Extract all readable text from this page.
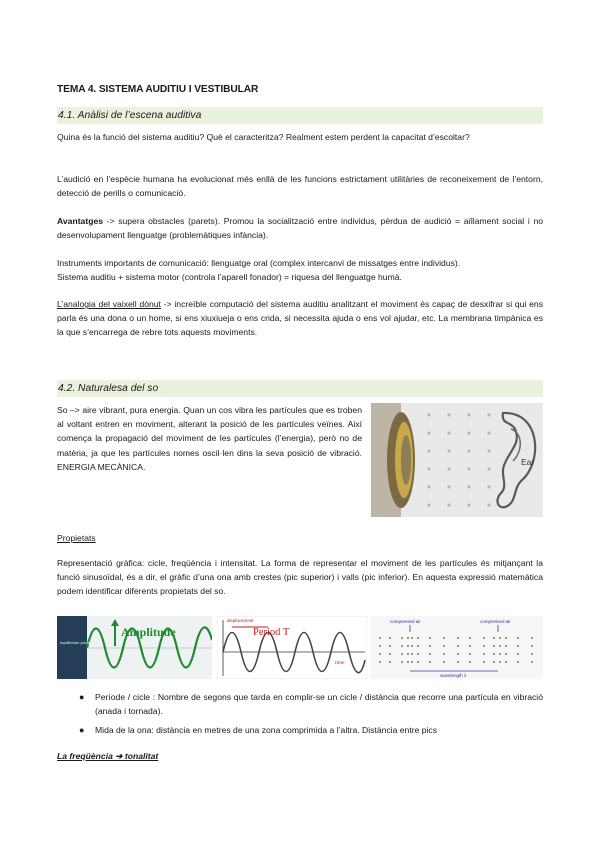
TEMA 4. SISTEMA AUDITIU I VESTIBULAR
4.1. Anàlisi de l’escena auditiva
Quina és la funció del sistema auditiu? Què el caracteritza? Realment estem perdent la capacitat d’escoltar?
L’audició en l’espècie humana ha evolucionat més enllà de les funcions estrictament utilitàries de reconeixement de l’entorn, detecció de perills o comunicació.
Avantatges -> supera obstacles (parets). Promou la socialització entre individus, pèrdua de audició = aïllament social i no desenvolupament llenguatge (problemàtiques infància).
Instruments importants de comunicació: llenguatge oral (complex intercanvi de missatges entre individus).
Sistema auditiu + sistema motor (controla l’aparell fonador) = riquesa del llenguatge humà.
L’analogia del vaixell dònut -> increïble computació del sistema auditiu analitzant el moviment és capaç de desxifrar si qui ens parla és una dona o un home, si ens xiuxiueja o ens crida, si necessita ajuda o ens vol ajudar, etc. La membrana timpànica es la que s’encarrega de rebre tots aquests moviments.
4.2. Naturalesa del so
So –> aire vibrant, pura energia. Quan un cos vibra les partícules que es troben al voltant entren en moviment, alterant la posició de les partícules veïnes. Així comença la propagació del moviment de les partícules (l’energia), però no de matèria, ja que les partícules nomes oscil·len dins la seva posició de vibració. ENERGIA MECÀNICA.	Ear
Propietats
Representació gràfica: cicle, freqüència i intensitat. La forma de representar el moviment de les partícules és mitjançant la funció sinusoïdal, és a dir, el gràfic d’una ona amb crestes (pic superior) i valls (pic inferior). En aquesta expressió matemàtica podem identificar diferents propietats del so.
equilibrium position
Amplitude
displacement
Period T
time
compressed air	compressed air
wavelength λ
● Període / cicle : Nombre de segons que tarda en complir-se un cicle / distància que recorre una partícula en vibració (anada i tornada).
● Mida de la ona: distància en metres de una zona comprimida a l’altra. Distància entre pics
La freqüència ➔ tonalitat
